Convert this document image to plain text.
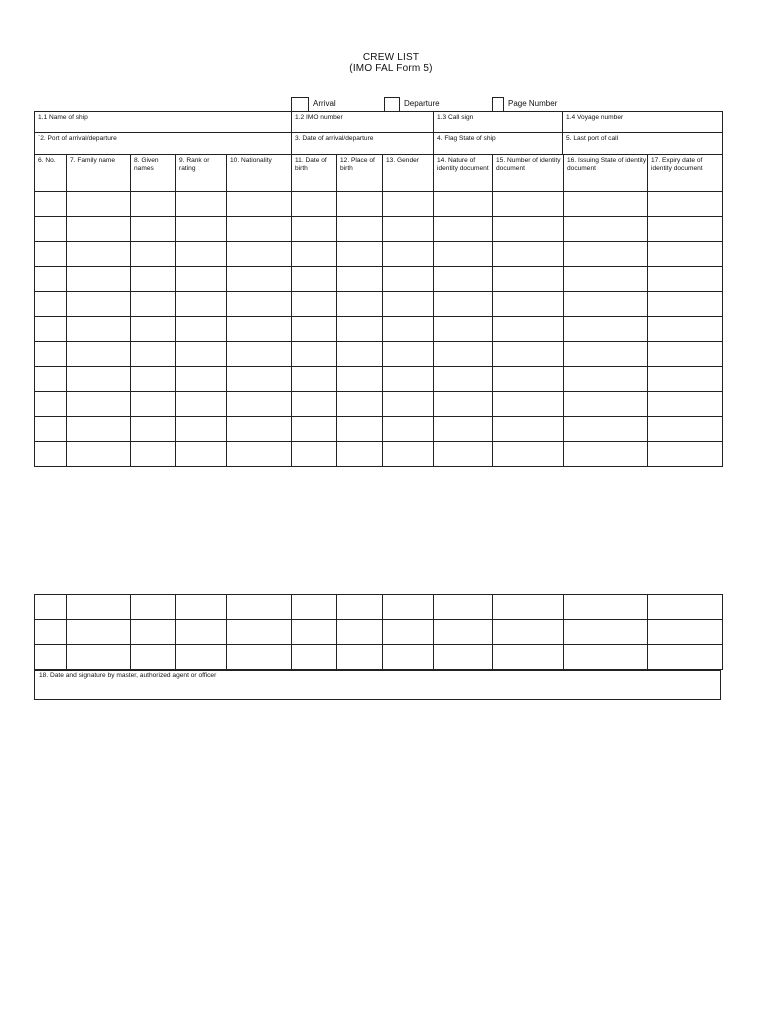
CREW LIST
(IMO FAL Form 5)
Arrival	Departure	Page Number
1.1 Name of ship	1.2 IMO number	1.3 Call sign	1.4 Voyage number

`2. Port of arrival/departure	3. Date of arrival/departure	4. Flag State of ship	5. Last port of call
6. No.	7. Family name	8. Given names	9. Rank or rating	10. Nationality	11. Date of birth	12. Place of birth	13. Gender	14. Nature of identity document	15. Number of identity document	16. Issuing State of identity document	17. Expiry date of identity document

18. Date and signature by master, authorized agent or officer
